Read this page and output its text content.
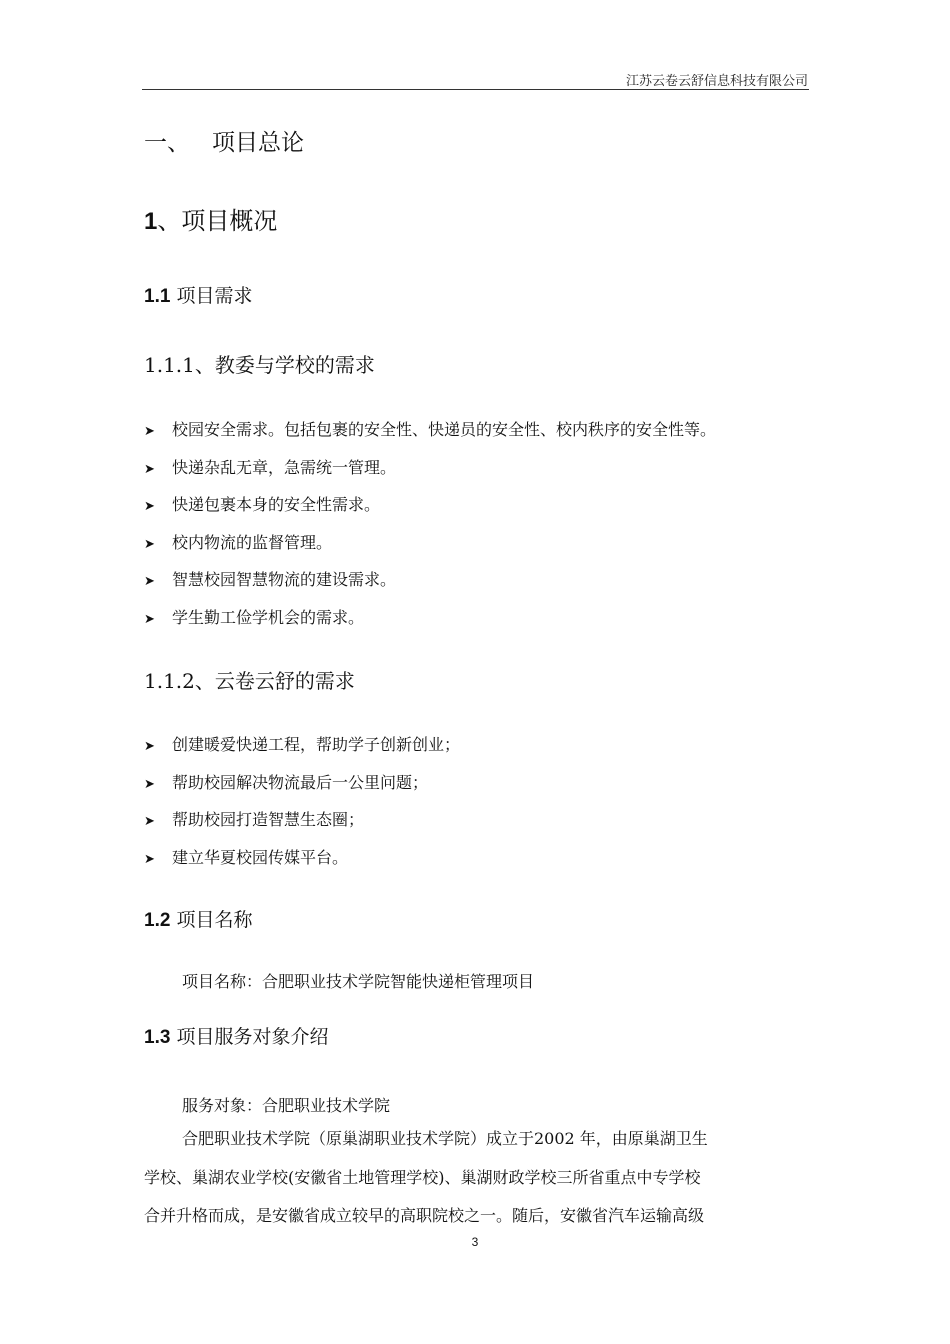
江苏云卷云舒信息科技有限公司
一、 项目总论
1、项目概况
1.1 项目需求
1.1.1、教委与学校的需求
➤ 校园安全需求。包括包裹的安全性、快递员的安全性、校内秩序的安全性等。
➤ 快递杂乱无章，急需统一管理。
➤ 快递包裹本身的安全性需求。
➤ 校内物流的监督管理。
➤ 智慧校园智慧物流的建设需求。
➤ 学生勤工俭学机会的需求。
1.1.2、云卷云舒的需求
➤ 创建暖爱快递工程，帮助学子创新创业；
➤ 帮助校园解决物流最后一公里问题；
➤ 帮助校园打造智慧生态圈；
➤ 建立华夏校园传媒平台。
1.2 项目名称
项目名称：合肥职业技术学院智能快递柜管理项目
1.3 项目服务对象介绍
服务对象：合肥职业技术学院
合肥职业技术学院（原巢湖职业技术学院）成立于2002 年，由原巢湖卫生
学校、巢湖农业学校(安徽省土地管理学校)、巢湖财政学校三所省重点中专学校
合并升格而成，是安徽省成立较早的高职院校之一。随后，安徽省汽车运输高级
3
